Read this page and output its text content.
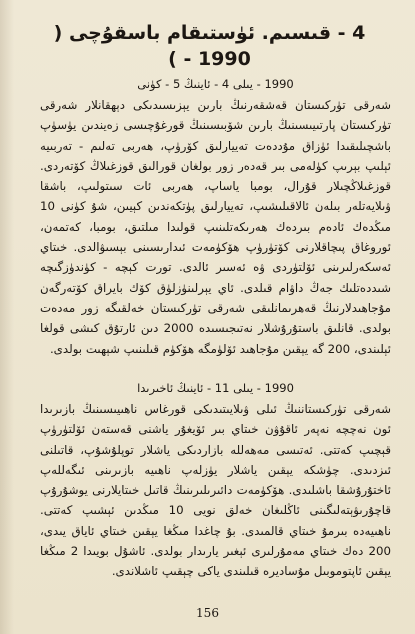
4 - قىسىم. ئۈستىقام باسقۇچى ( 1990 - )

1990 - يىلى 4 - ئاينىڭ 5 - كۈنى

شەرقى تۈركىستان قەشقەرنىڭ بارىن يېزىسىدىكى دېھقانلار شەرقى تۈركىستان پارتىيىسىنىڭ بارىن شۆبىسىنىڭ قورغۇچىسى زەيندىن يۈسۈپ باشچىلىقىدا ئۈزاق مۇددەت تەييارلىق كۆرۈپ، ھەربى تەلىم - تەربىيە ئېلىپ بېرىپ كۈلەمى بىر قەدەر زور بولغان قورالىق قوزغىلاڭ كۆتەردى. قوزغىلاڭچىلار قۇرال، بومبا ياساپ، ھەربى ئات سىتولىپ، باشقا ۋىلايەتلەر بىلەن ئالاقىلىشىپ، تەييارلىق پۈتكەندىن كېيىن، شۇ كۈنى 10 مىڭدەك ئادەم بىردەك ھەرىكەتلىنىپ قولىدا مىلتىق، بومبا، كەتمەن، ئوروغاق پىچاقلارنى كۆتۈرۈپ ھۆكۈمەت ئىدارىسىنى بېسىۋالدى. خىتاي ئەسكەرلىرىنى ئۆلتۈردى ۋە ئەسىر ئالدى. تورت كېچە - كۈندۈزگىچە شىددەتلىك جەڭ داۋام قىلدى. ئاي يېرلىنۈزلۈق كۆك بايراق كۆتەرگەن مۇجاھىدلارنىڭ قەھرىمانلىقى شەرقى تۈركىستان خەلقىگە زور مەدەت بولدى. قانلىق باستۇرۇشلار نەتىجىسىدە 2000 دىن ئارتۇق كىشى قولغا ئېلىندى، 200 گە يېقىن مۇجاھىد ئۆلۈمگە ھۆكۈم قىلىنىپ شېھىت بولدى.

1990 - يىلى 11 - ئاينىڭ ئاخىرىدا

شەرقى تۈركىستاننىڭ ئىلى ۋىلايىتىدىكى قورغاس ناھىيىسىنىڭ بازىرىدا ئون نەچچە نەپەر ئاقۇۋن خىتاي بىر ئۆيغۇر ياشنى قەستەن ئۆلتۈرۈپ قېچىپ كەتتى. ئەتىسى مەھەللە بازاردىكى ياشلار توپلۇشۇپ، قاتىلنى ئىزدىدى. چۈشكە يېقىن ياشلار يۈزلەپ ناھىيە بازىرىنى ئىگەللەپ ئاختۇرۇشقا باشلىدى. ھۆكۈمەت دائىرىلىرىنىڭ قاتىل خىتايلارنى يوشۇرۇپ قاچۇرىۋېتەلىگىنى ئاڭلىغان خەلق نويى 10 مىڭدىن ئېشىپ كەتتى. ناھىيەدە بىرمۇ خىتاي قالمىدى. بۇ چاغدا مىڭغا يېقىن خىتاي ئاياق يىدى، 200 دەك خىتاي مەمۇرلىرى ئېغىر يارىدار بولدى. ئاشۇل بويىدا 2 مىڭغا يېقىن ئاپتوموبىل مۇساديرە قىلىندى ياكى چېقىپ ئاشلاندى.

156
